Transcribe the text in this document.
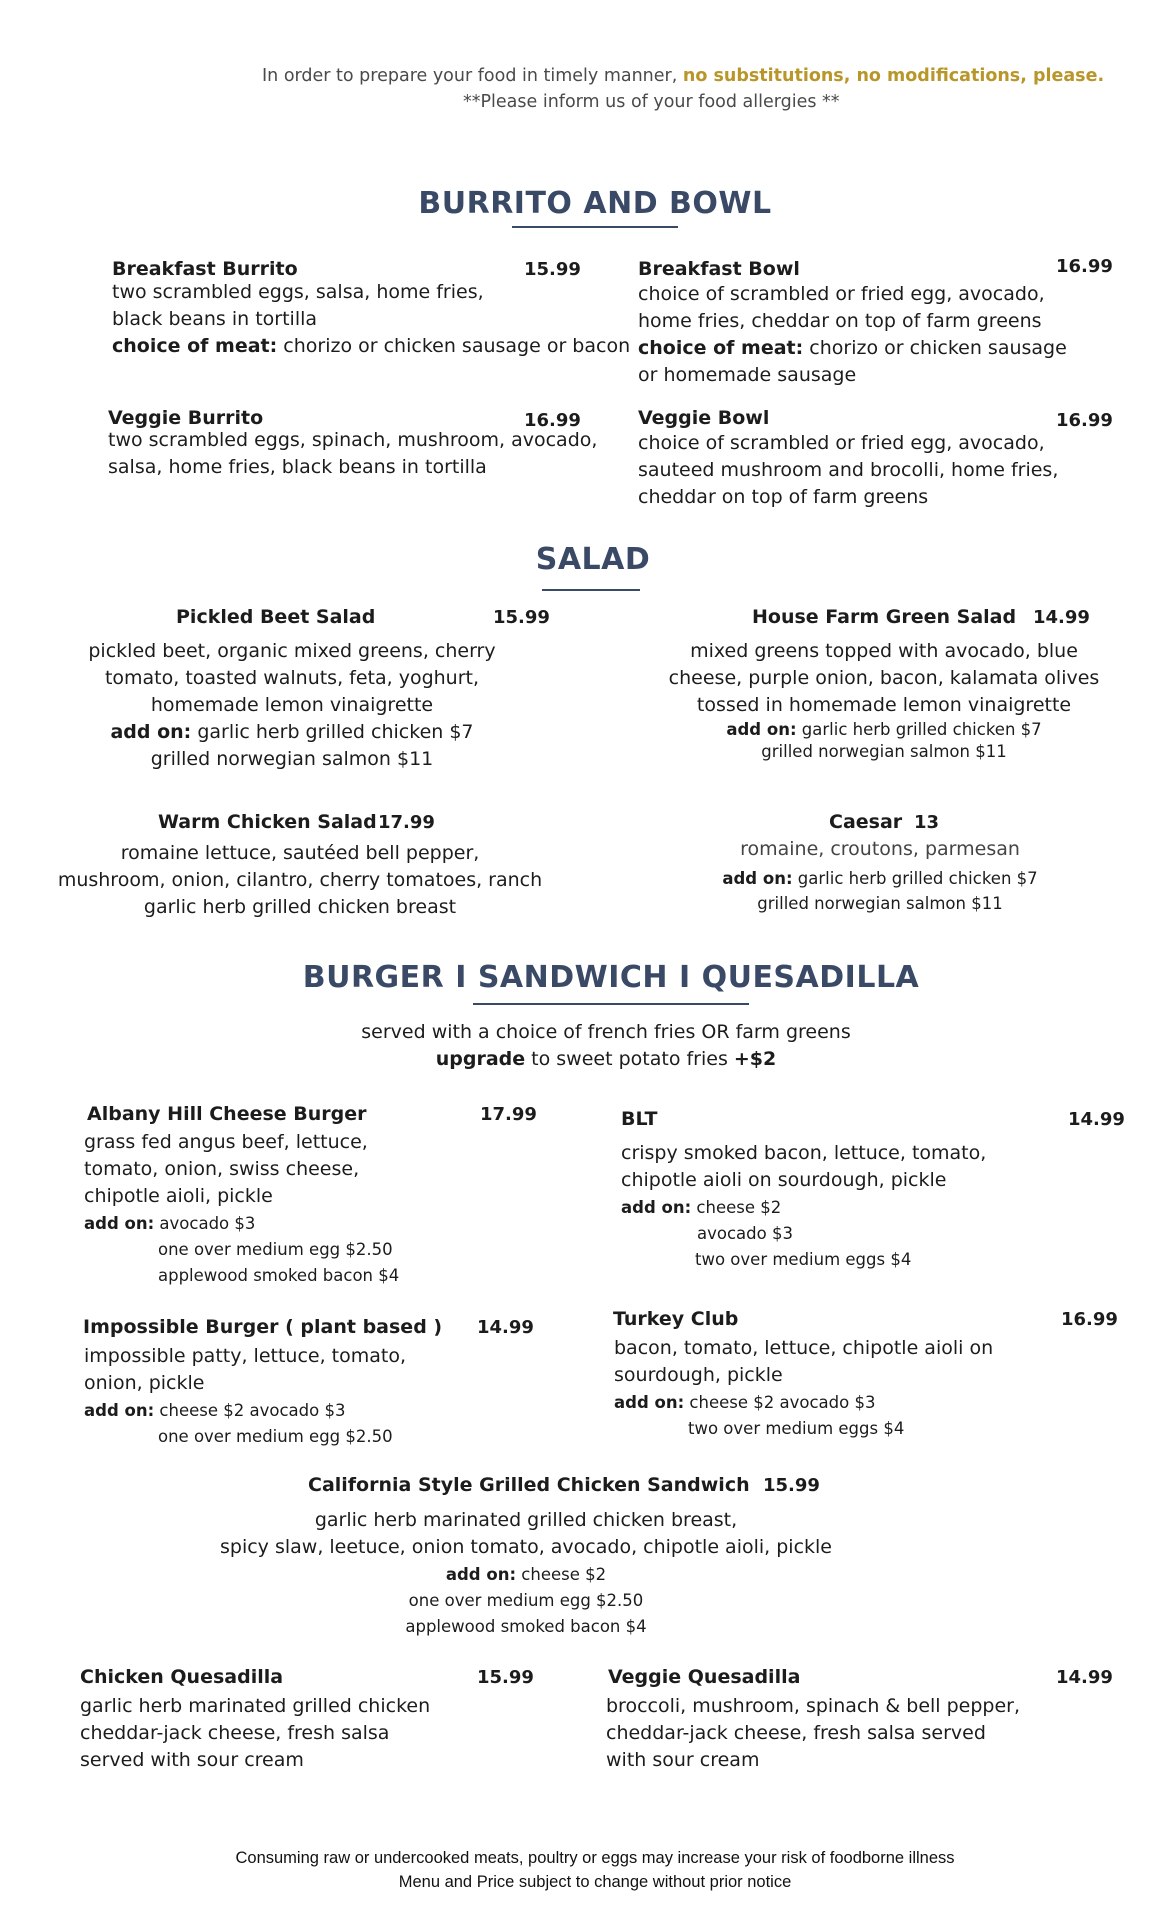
In order to prepare your food in timely manner, no substitutions, no modifications, please.
**Please inform us of your food allergies **
BURRITO AND BOWL
Breakfast Burrito	15.99
two scrambled eggs, salsa, home fries,
black beans in tortilla
choice of meat: chorizo or chicken sausage or bacon
Breakfast Bowl	16.99
choice of scrambled or fried egg, avocado,
home fries, cheddar on top of farm greens
choice of meat: chorizo or chicken sausage
or homemade sausage
Veggie Burrito	16.99
two scrambled eggs, spinach, mushroom, avocado,
salsa, home fries, black beans in tortilla
Veggie Bowl	16.99
choice of scrambled or fried egg, avocado,
sauteed mushroom and brocolli, home fries,
cheddar on top of farm greens
SALAD
Pickled Beet Salad	15.99
pickled beet, organic mixed greens, cherry
tomato, toasted walnuts, feta, yoghurt,
homemade lemon vinaigrette
add on: garlic herb grilled chicken $7
grilled norwegian salmon $11
House Farm Green Salad 14.99
mixed greens topped with avocado, blue
cheese, purple onion, bacon, kalamata olives
tossed in homemade lemon vinaigrette
add on: garlic herb grilled chicken $7
grilled norwegian salmon $11
Warm Chicken Salad 17.99
romaine lettuce, sautéed bell pepper,
mushroom, onion, cilantro, cherry tomatoes, ranch
garlic herb grilled chicken breast
Caesar 13
romaine, croutons, parmesan
add on: garlic herb grilled chicken $7
grilled norwegian salmon $11
BURGER I SANDWICH I QUESADILLA
served with a choice of french fries OR farm greens
upgrade to sweet potato fries +$2
Albany Hill Cheese Burger	17.99
grass fed angus beef, lettuce,
tomato, onion, swiss cheese,
chipotle aioli, pickle
add on: avocado $3
one over medium egg $2.50
applewood smoked bacon $4
BLT	14.99
crispy smoked bacon, lettuce, tomato,
chipotle aioli on sourdough, pickle
add on: cheese $2
avocado $3
two over medium eggs $4
Impossible Burger ( plant based ) 14.99
impossible patty, lettuce, tomato,
onion, pickle
add on: cheese $2 avocado $3
one over medium egg $2.50
Turkey Club	16.99
bacon, tomato, lettuce, chipotle aioli on
sourdough, pickle
add on: cheese $2 avocado $3
two over medium eggs $4
California Style Grilled Chicken Sandwich 15.99
garlic herb marinated grilled chicken breast,
spicy slaw, leetuce, onion tomato, avocado, chipotle aioli, pickle
add on: cheese $2
one over medium egg $2.50
applewood smoked bacon $4
Chicken Quesadilla	15.99
garlic herb marinated grilled chicken
cheddar-jack cheese, fresh salsa
served with sour cream
Veggie Quesadilla	14.99
broccoli, mushroom, spinach & bell pepper,
cheddar-jack cheese, fresh salsa served
with sour cream
Consuming raw or undercooked meats, poultry or eggs may increase your risk of foodborne illness
Menu and Price subject to change without prior notice
